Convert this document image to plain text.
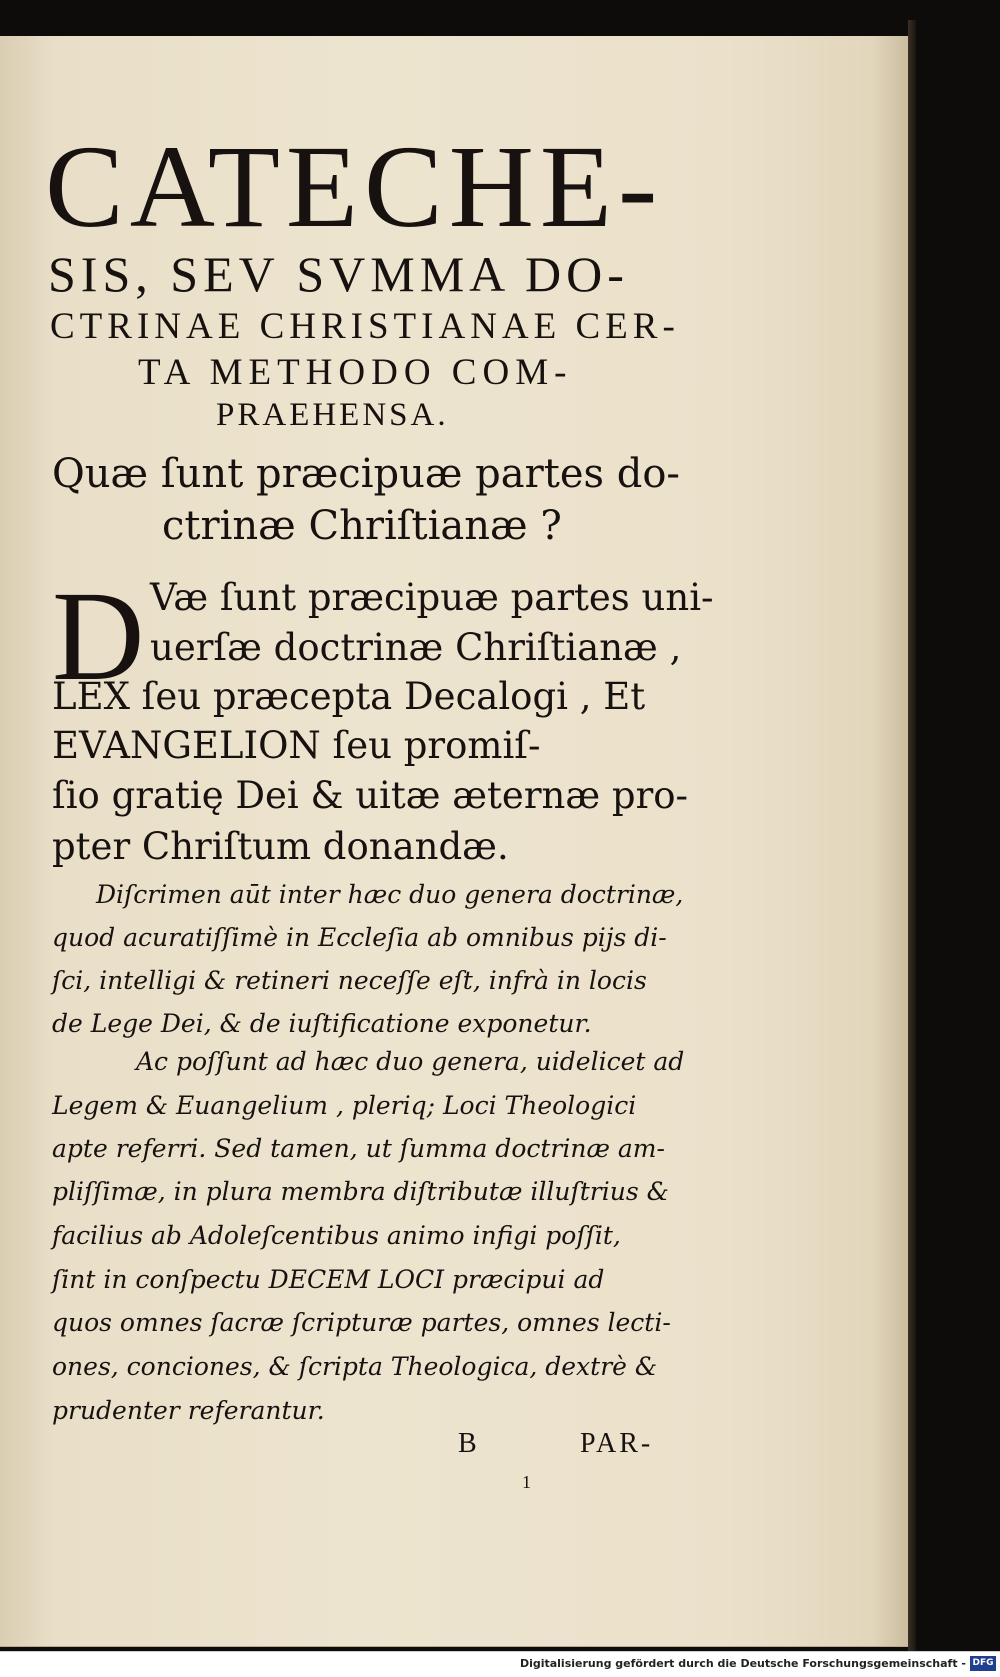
CATECHE-
SIS, SEV SVMMA DO-
CTRINAE CHRISTIANAE CER-
TA METHODO COM-
PRAEHENSA.
Quæ ſunt præcipuæ partes do-
ctrinæ Chriſtianæ ?
D Væ ſunt præcipuæ partes uni-
uerſæ doctrinæ Chriſtianæ ,
LEX ſeu præcepta Decalogi , Et
EVANGELION ſeu promiſ-
ſio gratię Dei & uitæ æternæ pro-
pter Chriſtum donandæ.
Diſcrimen aūt inter hæc duo genera doctrinæ,
quod acuratiſſimè in Eccleſia ab omnibus pijs di-
ſci, intelligi & retineri neceſſe eſt, infrà in locis
de Lege Dei, & de iuſtificatione exponetur.
Ac poſſunt ad hæc duo genera, uidelicet ad
Legem & Euangelium , pleriq; Loci Theologici
apte referri. Sed tamen, ut ſumma doctrinæ am-
pliſſimæ, in plura membra diſtributæ illuſtrius &
facilius ab Adoleſcentibus animo infigi poſſit,
ſint in conſpectu DECEM LOCI præcipui ad
quos omnes ſacræ ſcripturæ partes, omnes lecti-
ones, conciones, & ſcripta Theologica, dextrè &
prudenter referantur.
B	PAR-
1
Digitalisierung gefördert durch die Deutsche Forschungsgemeinschaft - DFG
